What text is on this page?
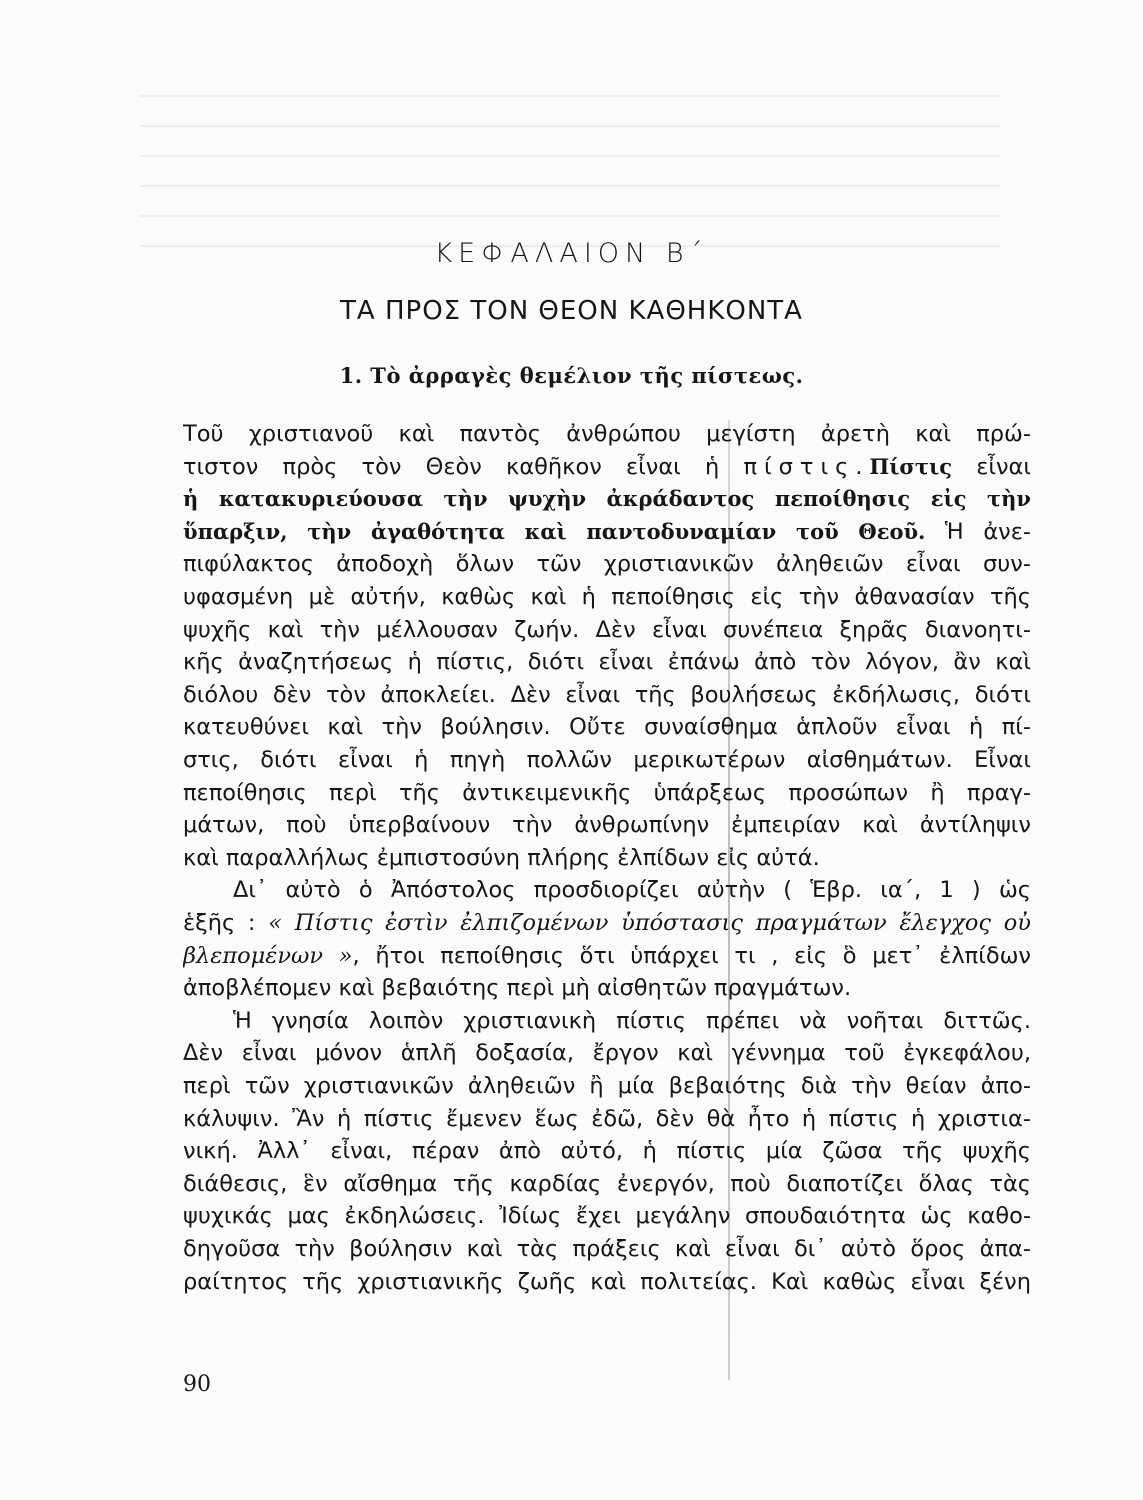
ΚΕΦΑΛΑΙΟΝ Β΄
ΤΑ ΠΡΟΣ ΤΟΝ ΘΕΟΝ ΚΑΘΗΚΟΝΤΑ
1. Τὸ ἀρραγὲς θεμέλιον τῆς πίστεως.
Τοῦ χριστιανοῦ καὶ παντὸς ἀνθρώπου μεγίστη ἀρετὴ καὶ πρώ-
τιστον πρὸς τὸν Θεὸν καθῆκον εἶναι ἡ πίστις.Πίστις εἶναι
ἡ κατακυριεύουσα τὴν ψυχὴν ἀκράδαντος πεποίθησις εἰς τὴν
ὕπαρξιν, τὴν ἀγαθότητα καὶ παντοδυναμίαν τοῦ Θεοῦ. Ἡ ἀνε-
πιφύλακτος ἀποδοχὴ ὅλων τῶν χριστιανικῶν ἀληθειῶν εἶναι συν-
υφασμένη μὲ αὐτήν, καθὼς καὶ ἡ πεποίθησις εἰς τὴν ἀθανασίαν τῆς
ψυχῆς καὶ τὴν μέλλουσαν ζωήν. Δὲν εἶναι συνέπεια ξηρᾶς διανοητι-
κῆς ἀναζητήσεως ἡ πίστις, διότι εἶναι ἐπάνω ἀπὸ τὸν λόγον, ἂν καὶ
διόλου δὲν τὸν ἀποκλείει. Δὲν εἶναι τῆς βουλήσεως ἐκδήλωσις, διότι
κατευθύνει καὶ τὴν βούλησιν. Οὔτε συναίσθημα ἁπλοῦν εἶναι ἡ πί-
στις, διότι εἶναι ἡ πηγὴ πολλῶν μερικωτέρων αἰσθημάτων. Εἶναι
πεποίθησις περὶ τῆς ἀντικειμενικῆς ὑπάρξεως προσώπων ἢ πραγ-
μάτων, ποὺ ὑπερβαίνουν τὴν ἀνθρωπίνην ἐμπειρίαν καὶ ἀντίληψιν
καὶ παραλλήλως ἐμπιστοσύνη πλήρης ἐλπίδων εἰς αὐτά.
Δι᾿ αὐτὸ ὁ Ἀπόστολος προσδιορίζει αὐτὴν ( Ἑβρ. ια΄, 1 ) ὡς
ἑξῆς : « Πίστις ἐστὶν ἐλπιζομένων ὑπόστασις πραγμάτων ἔλεγχος οὐ
βλεπομένων », ἤτοι πεποίθησις ὅτι ὑπάρχει τι , εἰς ὃ μετ᾿ ἐλπίδων
ἀποβλέπομεν καὶ βεβαιότης περὶ μὴ αἰσθητῶν πραγμάτων.
Ἡ γνησία λοιπὸν χριστιανικὴ πίστις πρέπει νὰ νοῆται διττῶς.
Δὲν εἶναι μόνον ἁπλῆ δοξασία, ἔργον καὶ γέννημα τοῦ ἐγκεφάλου,
περὶ τῶν χριστιανικῶν ἀληθειῶν ἢ μία βεβαιότης διὰ τὴν θείαν ἀπο-
κάλυψιν. Ἂν ἡ πίστις ἔμενεν ἕως ἐδῶ, δὲν θὰ ἦτο ἡ πίστις ἡ χριστια-
νική. Ἀλλ᾿ εἶναι, πέραν ἀπὸ αὐτό, ἡ πίστις μία ζῶσα τῆς ψυχῆς
διάθεσις, ἓν αἴσθημα τῆς καρδίας ἐνεργόν, ποὺ διαποτίζει ὅλας τὰς
ψυχικάς μας ἐκδηλώσεις. Ἰδίως ἔχει μεγάλην σπουδαιότητα ὡς καθο-
δηγοῦσα τὴν βούλησιν καὶ τὰς πράξεις καὶ εἶναι δι᾿ αὐτὸ ὅρος ἀπα-
ραίτητος τῆς χριστιανικῆς ζωῆς καὶ πολιτείας. Καὶ καθὼς εἶναι ξένη
90
